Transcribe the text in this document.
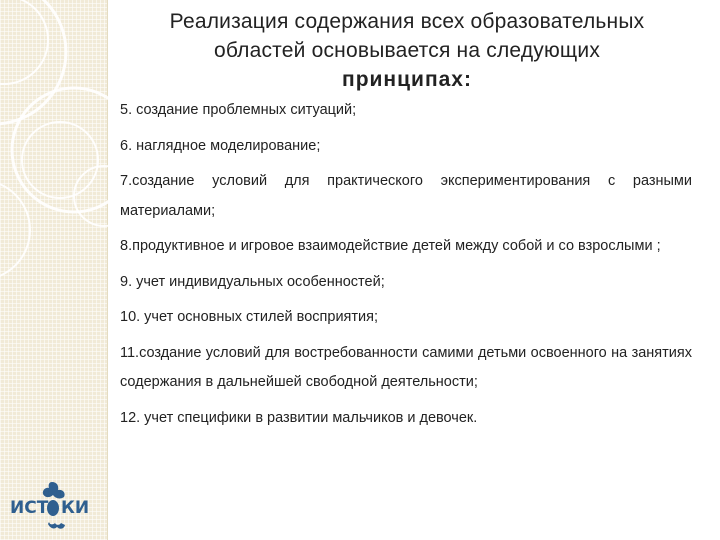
ИСТ КИ
Реализация содержания всех образовательных
областей основывается на следующих
принципах:

5. создание проблемных ситуаций;

6. наглядное моделирование;

7.создание условий для практического экспериментирования с разными материалами;

8.продуктивное и игровое взаимодействие детей между собой и со взрослыми ;

9. учет индивидуальных особенностей;

10. учет основных стилей восприятия;

11.создание условий для востребованности самими детьми освоенного на занятиях содержания в дальнейшей свободной деятельности;

12. учет специфики в развитии мальчиков и девочек.
